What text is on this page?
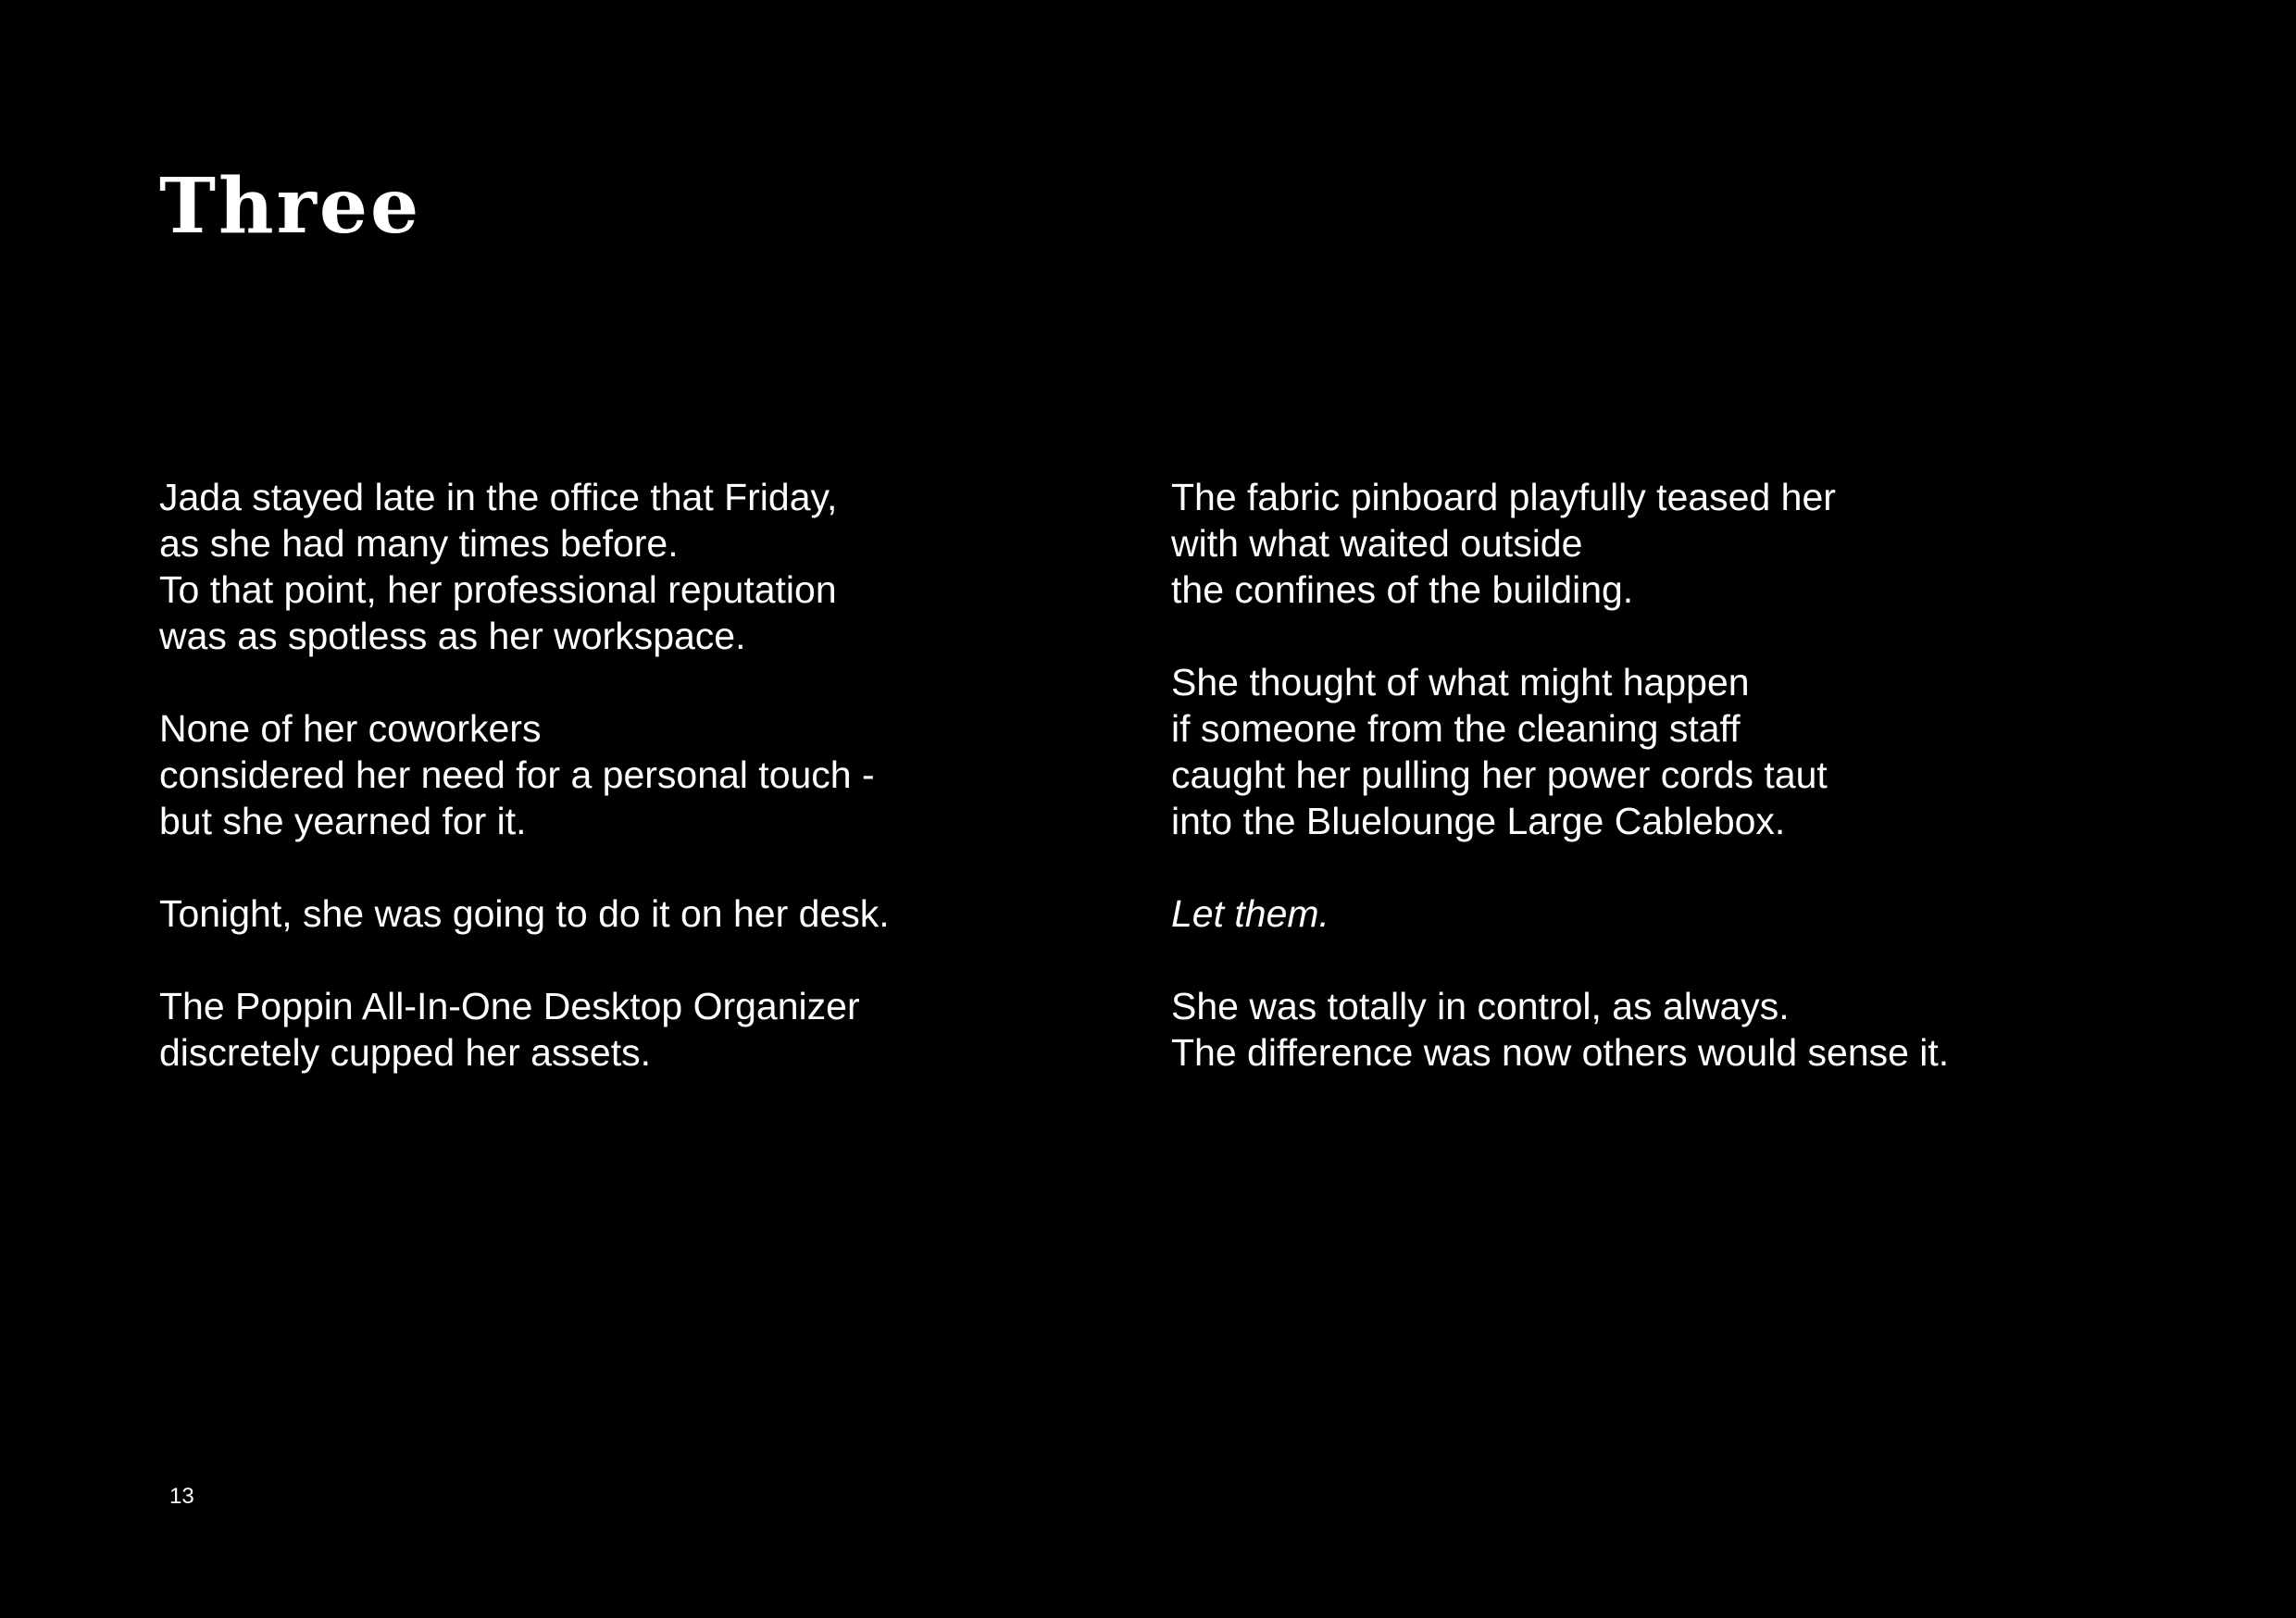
Three

Jada stayed late in the office that Friday,
as she had many times before.
To that point, her professional reputation
was as spotless as her workspace.

None of her coworkers
considered her need for a personal touch -
but she yearned for it.

Tonight, she was going to do it on her desk.

The Poppin All-In-One Desktop Organizer
discretely cupped her assets.

The fabric pinboard playfully teased her
with what waited outside
the confines of the building.

She thought of what might happen
if someone from the cleaning staff
caught her pulling her power cords taut
into the Bluelounge Large Cablebox.

Let them.

She was totally in control, as always.
The difference was now others would sense it.

13
